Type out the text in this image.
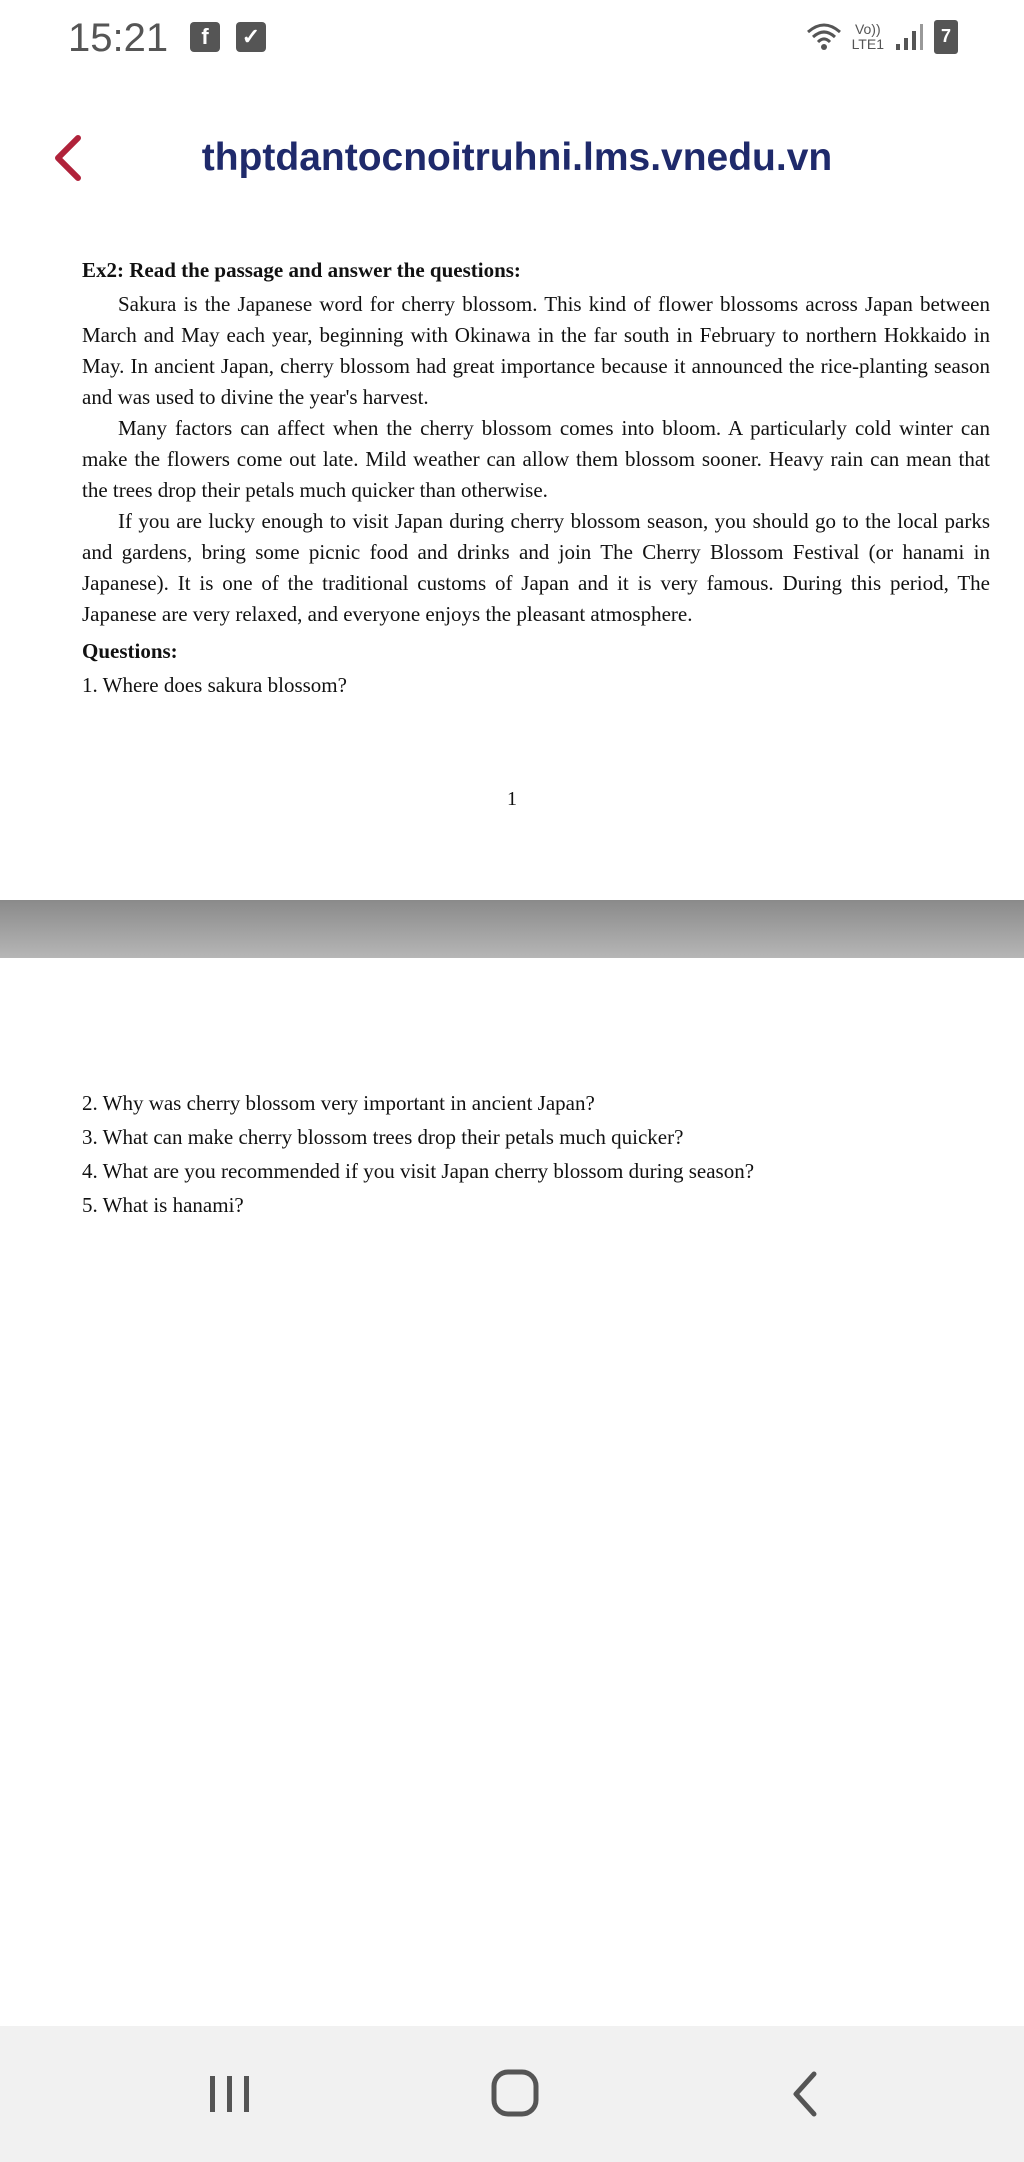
15:21	f	✓	Vo))
LTE1	7
thptdantocnoitruhni.lms.vnedu.vn
Ex2: Read the passage and answer the questions:

Sakura is the Japanese word for cherry blossom. This kind of flower blossoms across Japan between March and May each year, beginning with Okinawa in the far south in February to northern Hokkaido in May. In ancient Japan, cherry blossom had great importance because it announced the rice-planting season and was used to divine the year's harvest.

Many factors can affect when the cherry blossom comes into bloom. A particularly cold winter can make the flowers come out late. Mild weather can allow them blossom sooner. Heavy rain can mean that the trees drop their petals much quicker than otherwise.

If you are lucky enough to visit Japan during cherry blossom season, you should go to the local parks and gardens, bring some picnic food and drinks and join The Cherry Blossom Festival (or hanami in Japanese). It is one of the traditional customs of Japan and it is very famous. During this period, The Japanese are very relaxed, and everyone enjoys the pleasant atmosphere.

Questions:
1. Where does sakura blossom?
1
2. Why was cherry blossom very important in ancient Japan?
3. What can make cherry blossom trees drop their petals much quicker?
4. What are you recommended if you visit Japan cherry blossom during season?
5. What is hanami?
